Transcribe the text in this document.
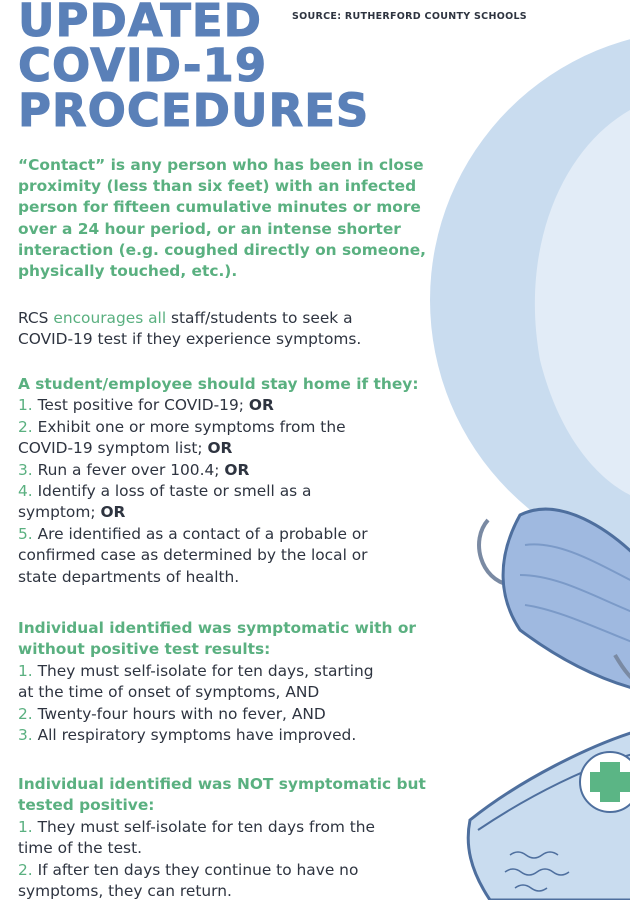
UPDATED
COVID-19
PROCEDURES
SOURCE: RUTHERFORD COUNTY SCHOOLS
“Contact” is any person who has been in close
proximity (less than six feet) with an infected
person for fifteen cumulative minutes or more
over a 24 hour period, or an intense shorter
interaction (e.g. coughed directly on someone,
physically touched, etc.).
RCS encourages all staff/students to seek a
COVID-19 test if they experience symptoms.
A student/employee should stay home if they:
1. Test positive for COVID-19; OR
2. Exhibit one or more symptoms from the
COVID-19 symptom list; OR
3. Run a fever over 100.4; OR
4. Identify a loss of taste or smell as a
symptom; OR
5. Are identified as a contact of a probable or
confirmed case as determined by the local or
state departments of health.
Individual identified was symptomatic with or
without positive test results:
1. They must self-isolate for ten days, starting
at the time of onset of symptoms, AND
2. Twenty-four hours with no fever, AND
3. All respiratory symptoms have improved.
Individual identified was NOT symptomatic but
tested positive:
1. They must self-isolate for ten days from the
time of the test.
2. If after ten days they continue to have no
symptoms, they can return.
